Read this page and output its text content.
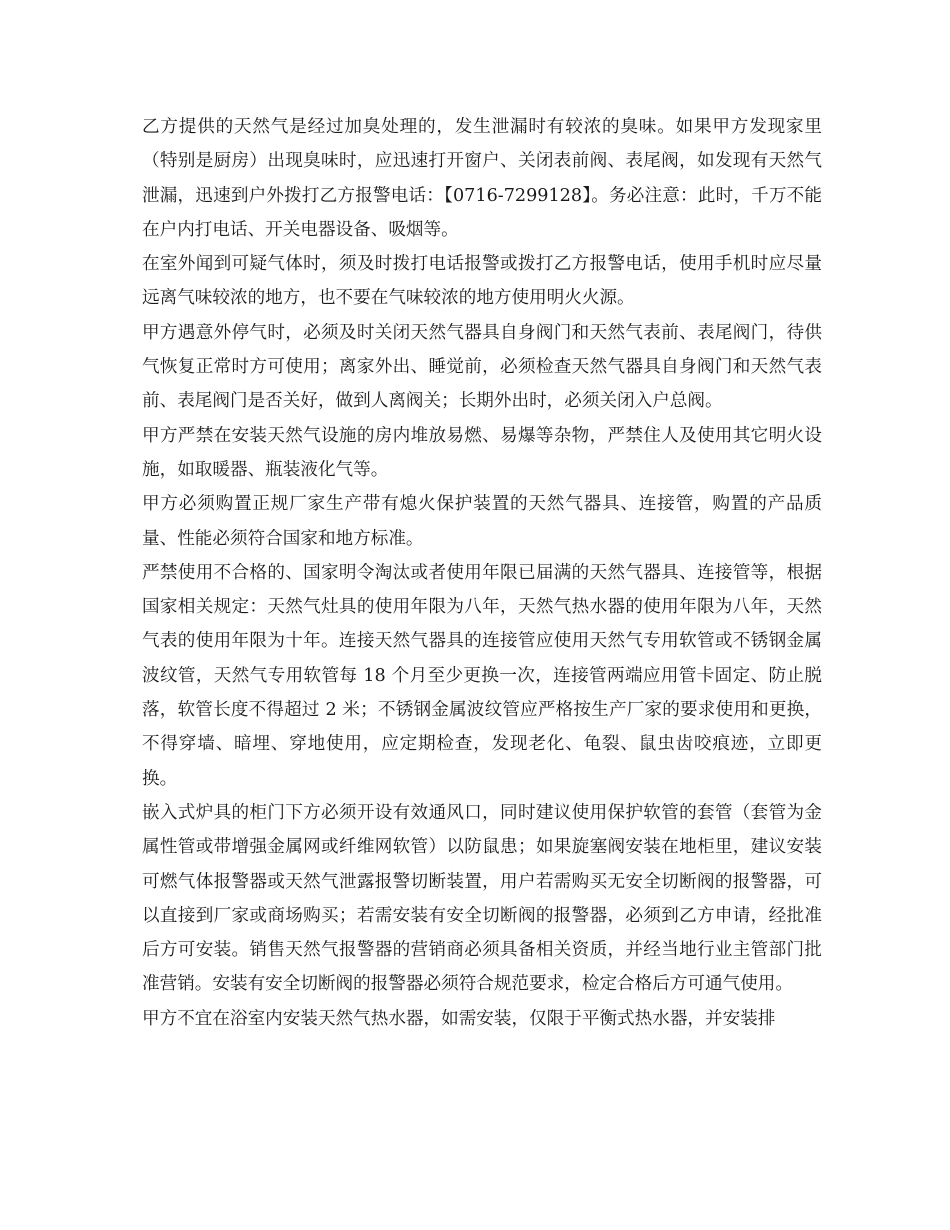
乙方提供的天然气是经过加臭处理的，发生泄漏时有较浓的臭味。如果甲方发现家里（特别是厨房）出现臭味时，应迅速打开窗户、关闭表前阀、表尾阀，如发现有天然气泄漏，迅速到户外拨打乙方报警电话：【0716-7299128】。务必注意：此时，千万不能在户内打电话、开关电器设备、吸烟等。

在室外闻到可疑气体时，须及时拨打电话报警或拨打乙方报警电话，使用手机时应尽量远离气味较浓的地方，也不要在气味较浓的地方使用明火火源。

甲方遇意外停气时，必须及时关闭天然气器具自身阀门和天然气表前、表尾阀门，待供气恢复正常时方可使用；离家外出、睡觉前，必须检查天然气器具自身阀门和天然气表前、表尾阀门是否关好，做到人离阀关；长期外出时，必须关闭入户总阀。

甲方严禁在安装天然气设施的房内堆放易燃、易爆等杂物，严禁住人及使用其它明火设施，如取暖器、瓶装液化气等。

甲方必须购置正规厂家生产带有熄火保护装置的天然气器具、连接管，购置的产品质量、性能必须符合国家和地方标准。

严禁使用不合格的、国家明令淘汰或者使用年限已届满的天然气器具、连接管等，根据国家相关规定：天然气灶具的使用年限为八年，天然气热水器的使用年限为八年，天然气表的使用年限为十年。连接天然气器具的连接管应使用天然气专用软管或不锈钢金属波纹管，天然气专用软管每 18 个月至少更换一次，连接管两端应用管卡固定、防止脱落，软管长度不得超过 2 米；不锈钢金属波纹管应严格按生产厂家的要求使用和更换，不得穿墙、暗埋、穿地使用，应定期检查，发现老化、龟裂、鼠虫齿咬痕迹，立即更换。

嵌入式炉具的柜门下方必须开设有效通风口，同时建议使用保护软管的套管（套管为金属性管或带增强金属网或纤维网软管）以防鼠患；如果旋塞阀安装在地柜里，建议安装可燃气体报警器或天然气泄露报警切断装置，用户若需购买无安全切断阀的报警器，可以直接到厂家或商场购买；若需安装有安全切断阀的报警器，必须到乙方申请，经批准后方可安装。销售天然气报警器的营销商必须具备相关资质，并经当地行业主管部门批准营销。安装有安全切断阀的报警器必须符合规范要求，检定合格后方可通气使用。

甲方不宜在浴室内安装天然气热水器，如需安装，仅限于平衡式热水器，并安装排
